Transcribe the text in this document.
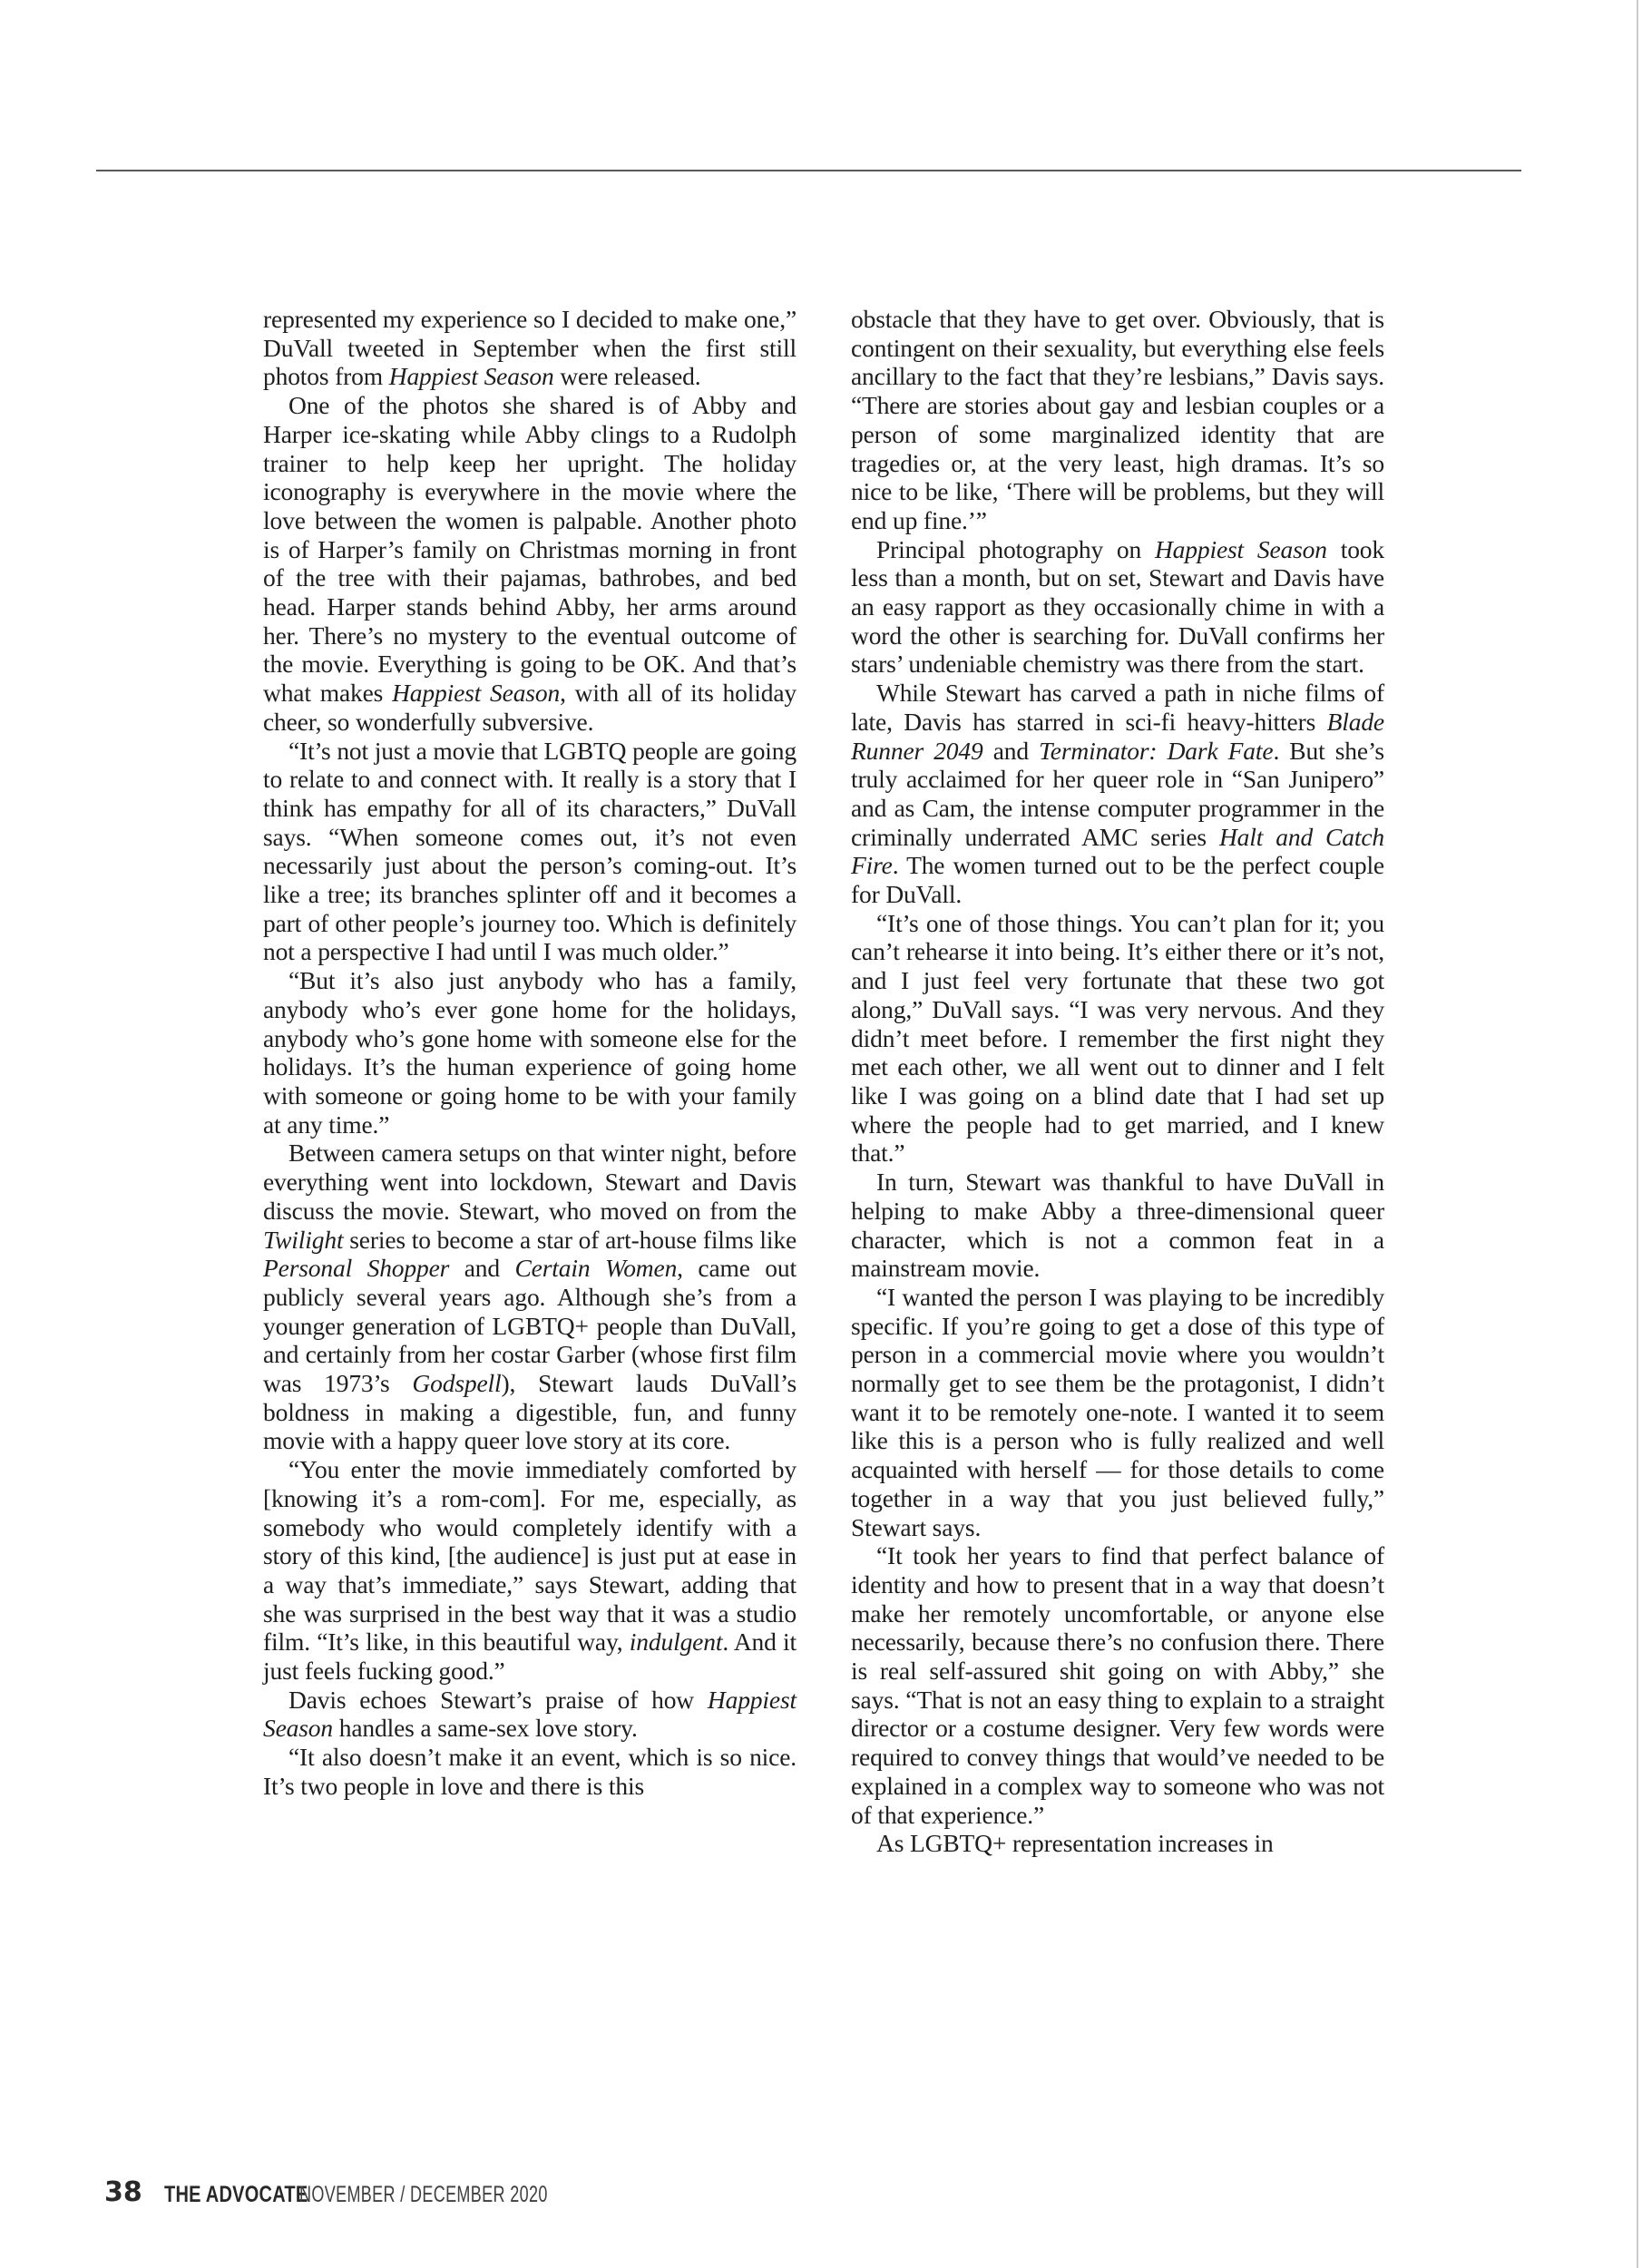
represented my experience so I decided to make one,” DuVall tweeted in September when the first still photos from Happiest Season were released.

One of the photos she shared is of Abby and Harper ice-skating while Abby clings to a Rudolph trainer to help keep her upright. The holiday iconography is everywhere in the movie where the love between the women is palpable. Another photo is of Harper’s family on Christmas morning in front of the tree with their pajamas, bathrobes, and bed head. Harper stands behind Abby, her arms around her. There’s no mystery to the eventual outcome of the movie. Everything is going to be OK. And that’s what makes Happiest Season, with all of its holiday cheer, so wonderfully subversive.

“It’s not just a movie that LGBTQ people are going to relate to and connect with. It really is a story that I think has empathy for all of its characters,” DuVall says. “When someone comes out, it’s not even necessarily just about the person’s coming-out. It’s like a tree; its branches splinter off and it becomes a part of other people’s journey too. Which is definitely not a perspective I had until I was much older.”

“But it’s also just anybody who has a family, anybody who’s ever gone home for the holidays, anybody who’s gone home with someone else for the holidays. It’s the human experience of going home with someone or going home to be with your family at any time.”

Between camera setups on that winter night, before everything went into lockdown, Stewart and Davis discuss the movie. Stewart, who moved on from the Twilight series to become a star of art-house films like Personal Shopper and Certain Women, came out publicly several years ago. Although she’s from a younger generation of LGBTQ+ people than DuVall, and certainly from her costar Garber (whose first film was 1973’s Godspell), Stewart lauds DuVall’s boldness in making a digestible, fun, and funny movie with a happy queer love story at its core.

“You enter the movie immediately comforted by [knowing it’s a rom-com]. For me, especially, as somebody who would completely identify with a story of this kind, [the audience] is just put at ease in a way that’s immediate,” says Stewart, adding that she was surprised in the best way that it was a studio film. “It’s like, in this beautiful way, indulgent. And it just feels fucking good.”

Davis echoes Stewart’s praise of how Happiest Season handles a same-sex love story.

“It also doesn’t make it an event, which is so nice. It’s two people in love and there is this

obstacle that they have to get over. Obviously, that is contingent on their sexuality, but everything else feels ancillary to the fact that they’re lesbians,” Davis says. “There are stories about gay and lesbian couples or a person of some marginalized identity that are tragedies or, at the very least, high dramas. It’s so nice to be like, ‘There will be problems, but they will end up fine.’”

Principal photography on Happiest Season took less than a month, but on set, Stewart and Davis have an easy rapport as they occasionally chime in with a word the other is searching for. DuVall confirms her stars’ undeniable chemistry was there from the start.

While Stewart has carved a path in niche films of late, Davis has starred in sci-fi heavy-hitters Blade Runner 2049 and Terminator: Dark Fate. But she’s truly acclaimed for her queer role in “San Junipero” and as Cam, the intense computer programmer in the criminally underrated AMC series Halt and Catch Fire. The women turned out to be the perfect couple for DuVall.

“It’s one of those things. You can’t plan for it; you can’t rehearse it into being. It’s either there or it’s not, and I just feel very fortunate that these two got along,” DuVall says. “I was very nervous. And they didn’t meet before. I remember the first night they met each other, we all went out to dinner and I felt like I was going on a blind date that I had set up where the people had to get married, and I knew that.”

In turn, Stewart was thankful to have DuVall in helping to make Abby a three-dimensional queer character, which is not a common feat in a mainstream movie.

“I wanted the person I was playing to be incredibly specific. If you’re going to get a dose of this type of person in a commercial movie where you wouldn’t normally get to see them be the protagonist, I didn’t want it to be remotely one-note. I wanted it to seem like this is a person who is fully realized and well acquainted with herself — for those details to come together in a way that you just believed fully,” Stewart says.

“It took her years to find that perfect balance of identity and how to present that in a way that doesn’t make her remotely uncomfortable, or anyone else necessarily, because there’s no confusion there. There is real self-assured shit going on with Abby,” she says. “That is not an easy thing to explain to a straight director or a costume designer. Very few words were required to convey things that would’ve needed to be explained in a complex way to someone who was not of that experience.”

As LGBTQ+ representation increases in

38 THE ADVOCATE
NOVEMBER / DECEMBER 2020
